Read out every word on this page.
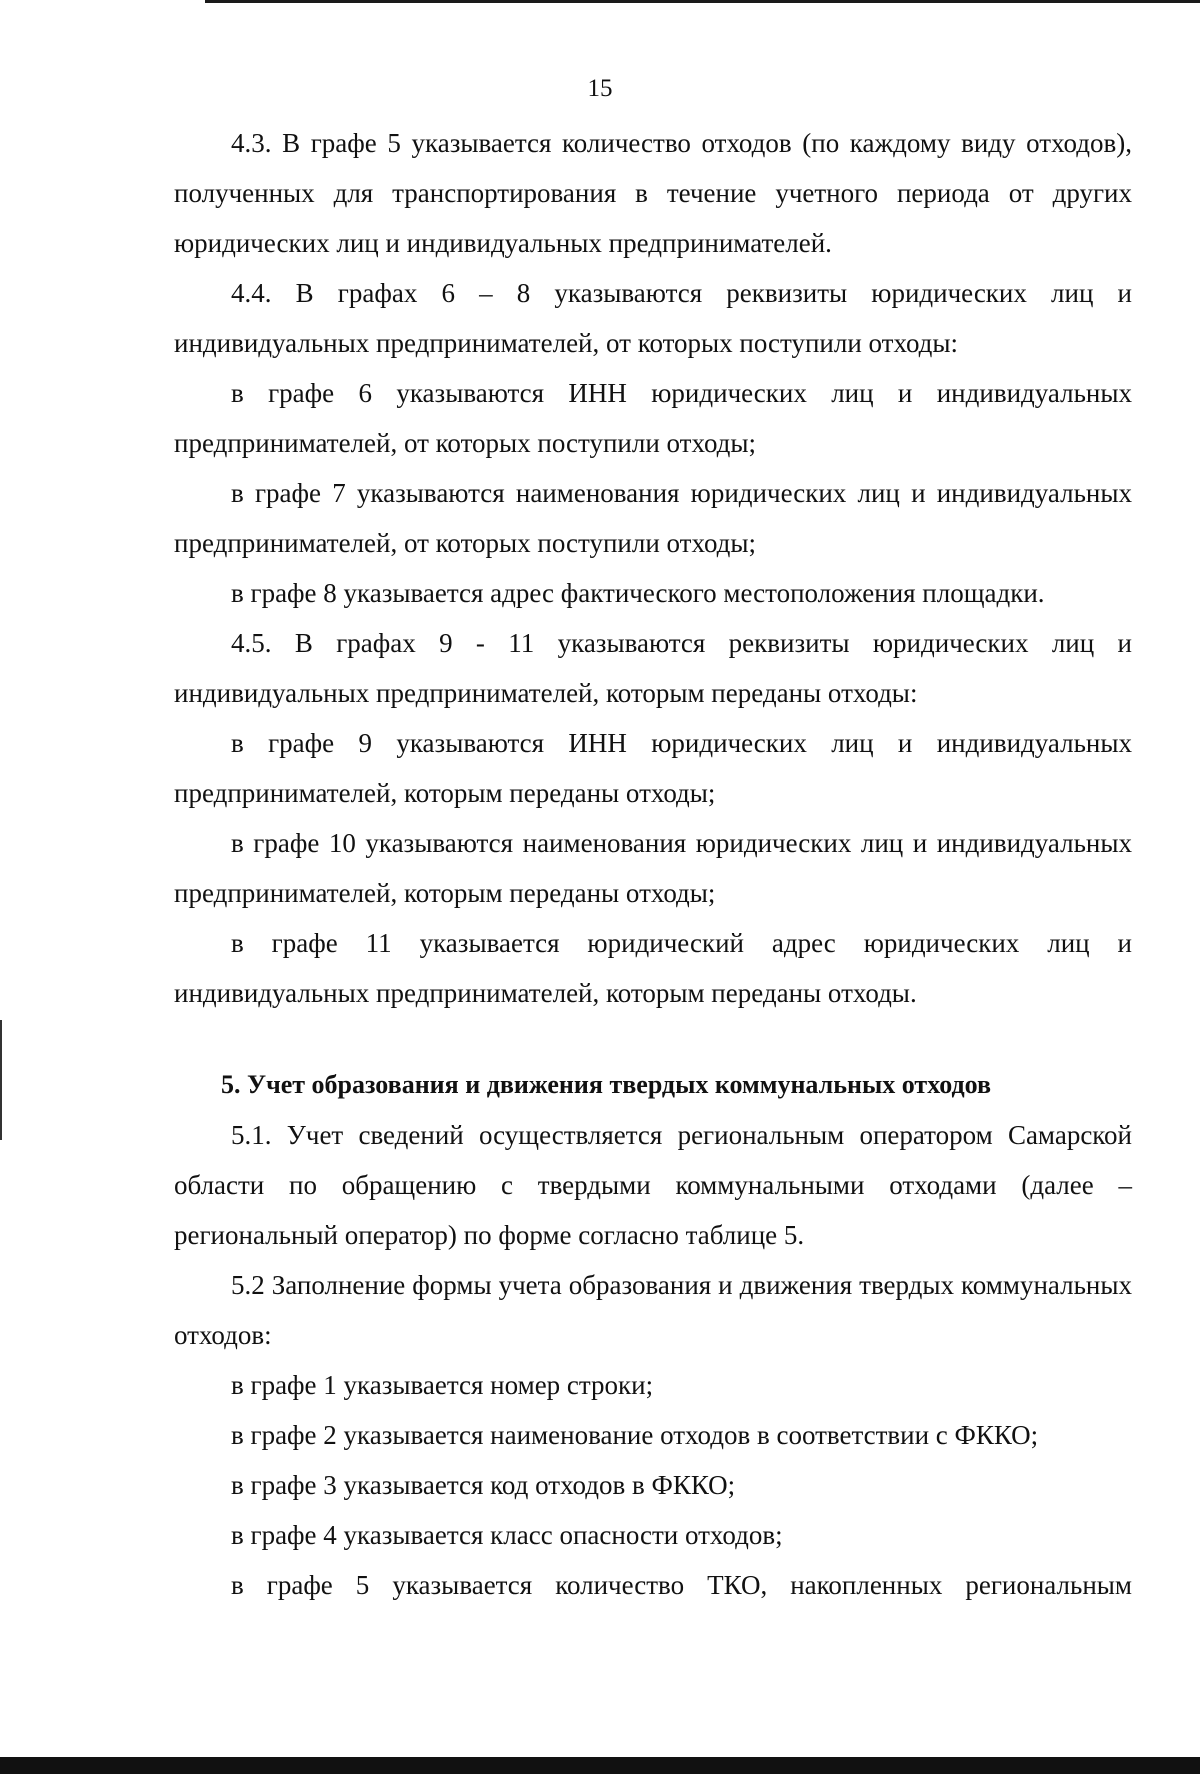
15

4.3. В графе 5 указывается количество отходов (по каждому виду отходов), полученных для транспортирования в течение учетного периода от других юридических лиц и индивидуальных предпринимателей.

4.4. В графах 6 – 8 указываются реквизиты юридических лиц и индивидуальных предпринимателей, от которых поступили отходы:

в графе 6 указываются ИНН юридических лиц и индивидуальных предпринимателей, от которых поступили отходы;

в графе 7 указываются наименования юридических лиц и индивидуальных предпринимателей, от которых поступили отходы;

в графе 8 указывается адрес фактического местоположения площадки.

4.5. В графах 9 - 11 указываются реквизиты юридических лиц и индивидуальных предпринимателей, которым переданы отходы:

в графе 9 указываются ИНН юридических лиц и индивидуальных предпринимателей, которым переданы отходы;

в графе 10 указываются наименования юридических лиц и индивидуальных предпринимателей, которым переданы отходы;

в графе 11 указывается юридический адрес юридических лиц и индивидуальных предпринимателей, которым переданы отходы.

5. Учет образования и движения твердых коммунальных отходов

5.1. Учет сведений осуществляется региональным оператором Самарской области по обращению с твердыми коммунальными отходами (далее – региональный оператор) по форме согласно таблице 5.

5.2 Заполнение формы учета образования и движения твердых коммунальных отходов:

в графе 1 указывается номер строки;

в графе 2 указывается наименование отходов в соответствии с ФККО;

в графе 3 указывается код отходов в ФККО;

в графе 4 указывается класс опасности отходов;

в графе 5 указывается количество ТКО, накопленных региональным
